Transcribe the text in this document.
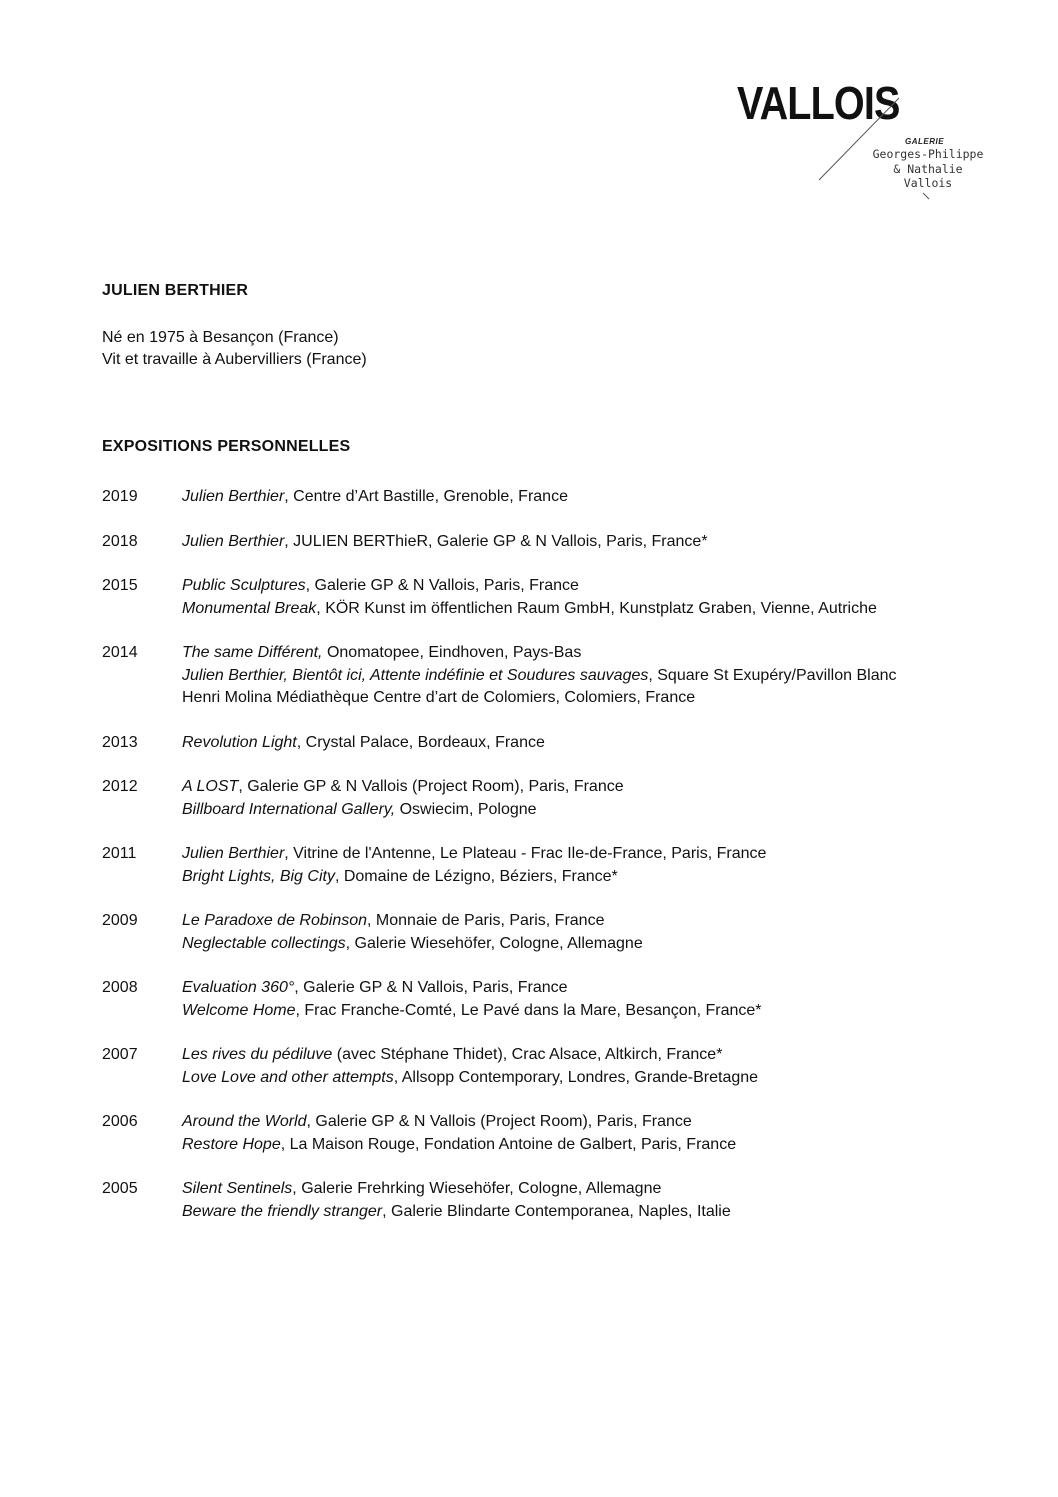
VALLOIS
GALERIE
Georges-Philippe
& Nathalie
Vallois
JULIEN BERTHIER
Né en 1975 à Besançon (France)
Vit et travaille à Aubervilliers (France)
EXPOSITIONS PERSONNELLES
2019	Julien Berthier, Centre d’Art Bastille, Grenoble, France
2018	Julien Berthier, JULIEN BERThieR, Galerie GP & N Vallois, Paris, France*
2015	Public Sculptures, Galerie GP & N Vallois, Paris, France
Monumental Break, KÖR Kunst im öffentlichen Raum GmbH, Kunstplatz Graben, Vienne, Autriche
2014	The same Différent, Onomatopee, Eindhoven, Pays-Bas
Julien Berthier, Bientôt ici, Attente indéfinie et Soudures sauvages, Square St Exupéry/Pavillon Blanc
Henri Molina Médiathèque Centre d’art de Colomiers, Colomiers, France
2013	Revolution Light, Crystal Palace, Bordeaux, France
2012	A LOST, Galerie GP & N Vallois (Project Room), Paris, France
Billboard International Gallery, Oswiecim, Pologne
2011	Julien Berthier, Vitrine de l'Antenne, Le Plateau - Frac Ile-de-France, Paris, France
Bright Lights, Big City, Domaine de Lézigno, Béziers, France*
2009	Le Paradoxe de Robinson, Monnaie de Paris, Paris, France
Neglectable collectings, Galerie Wiesehöfer, Cologne, Allemagne
2008	Evaluation 360°, Galerie GP & N Vallois, Paris, France
Welcome Home, Frac Franche-Comté, Le Pavé dans la Mare, Besançon, France*
2007	Les rives du pédiluve (avec Stéphane Thidet), Crac Alsace, Altkirch, France*
Love Love and other attempts, Allsopp Contemporary, Londres, Grande-Bretagne
2006	Around the World, Galerie GP & N Vallois (Project Room), Paris, France
Restore Hope, La Maison Rouge, Fondation Antoine de Galbert, Paris, France
2005	Silent Sentinels, Galerie Frehrking Wiesehöfer, Cologne, Allemagne
Beware the friendly stranger, Galerie Blindarte Contemporanea, Naples, Italie
